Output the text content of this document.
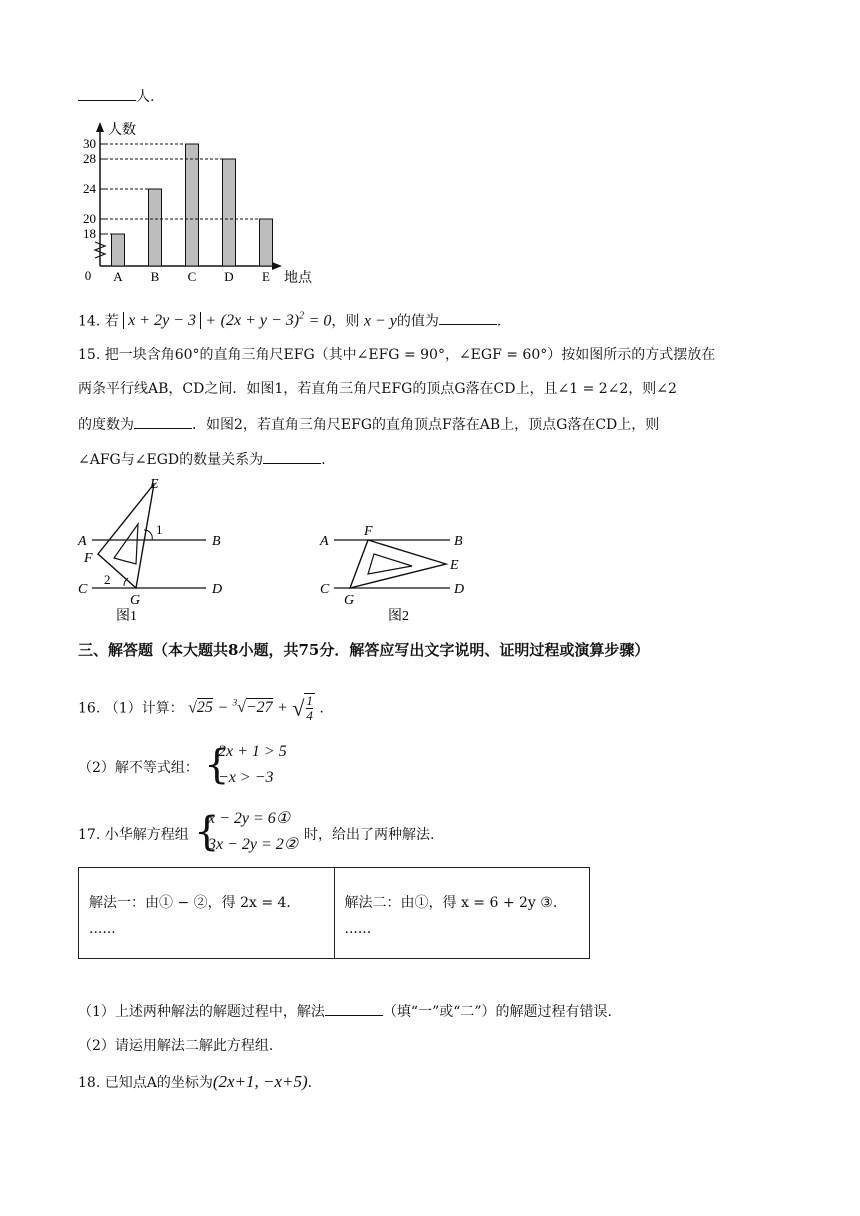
人.
人数
地点
0
30
28
24
20
18
A B C D E
14. 若 $x + 2y - 3 + (2x + y - 3)^2 = 0$，则 x − y的值为	.
15. 把一块含角60°的直角三角尺EFG（其中∠EFG = 90°，∠EGF = 60°）按如图所示的方式摆放在
两条平行线AB，CD之间．如图1，若直角三角尺EFG的顶点G落在CD上，且∠1 = 2∠2，则∠2
的度数为	．如图2，若直角三角尺EFG的直角顶点F落在AB上，顶点G落在CD上，则
∠AFG与∠EGD的数量关系为	.
E
A	B
F
C	D
G
1
2
图1
A
F
B
E
C
G
D
图2
三、解答题（本大题共8小题，共75分．解答应写出文字说明、证明过程或演算步骤）
16. （1）计算： √25 − $^3$√−27 + √ $\frac{1}{4}$ .
（2）解不等式组： {
2x + 1 > 5
−x > −3
17. 小华解方程组 {
x − 2y = 6①
3x − 2y = 2②
时，给出了两种解法.
解法一：由① − ②，得 2x = 4．
......

解法二：由①，得 x = 6 + 2y ③.
......
（1）上述两种解法的解题过程中，解法	（填“一”或“二”）的解题过程有错误.
（2）请运用解法二解此方程组.
18. 已知点A的坐标为(2x+1, −x+5).
